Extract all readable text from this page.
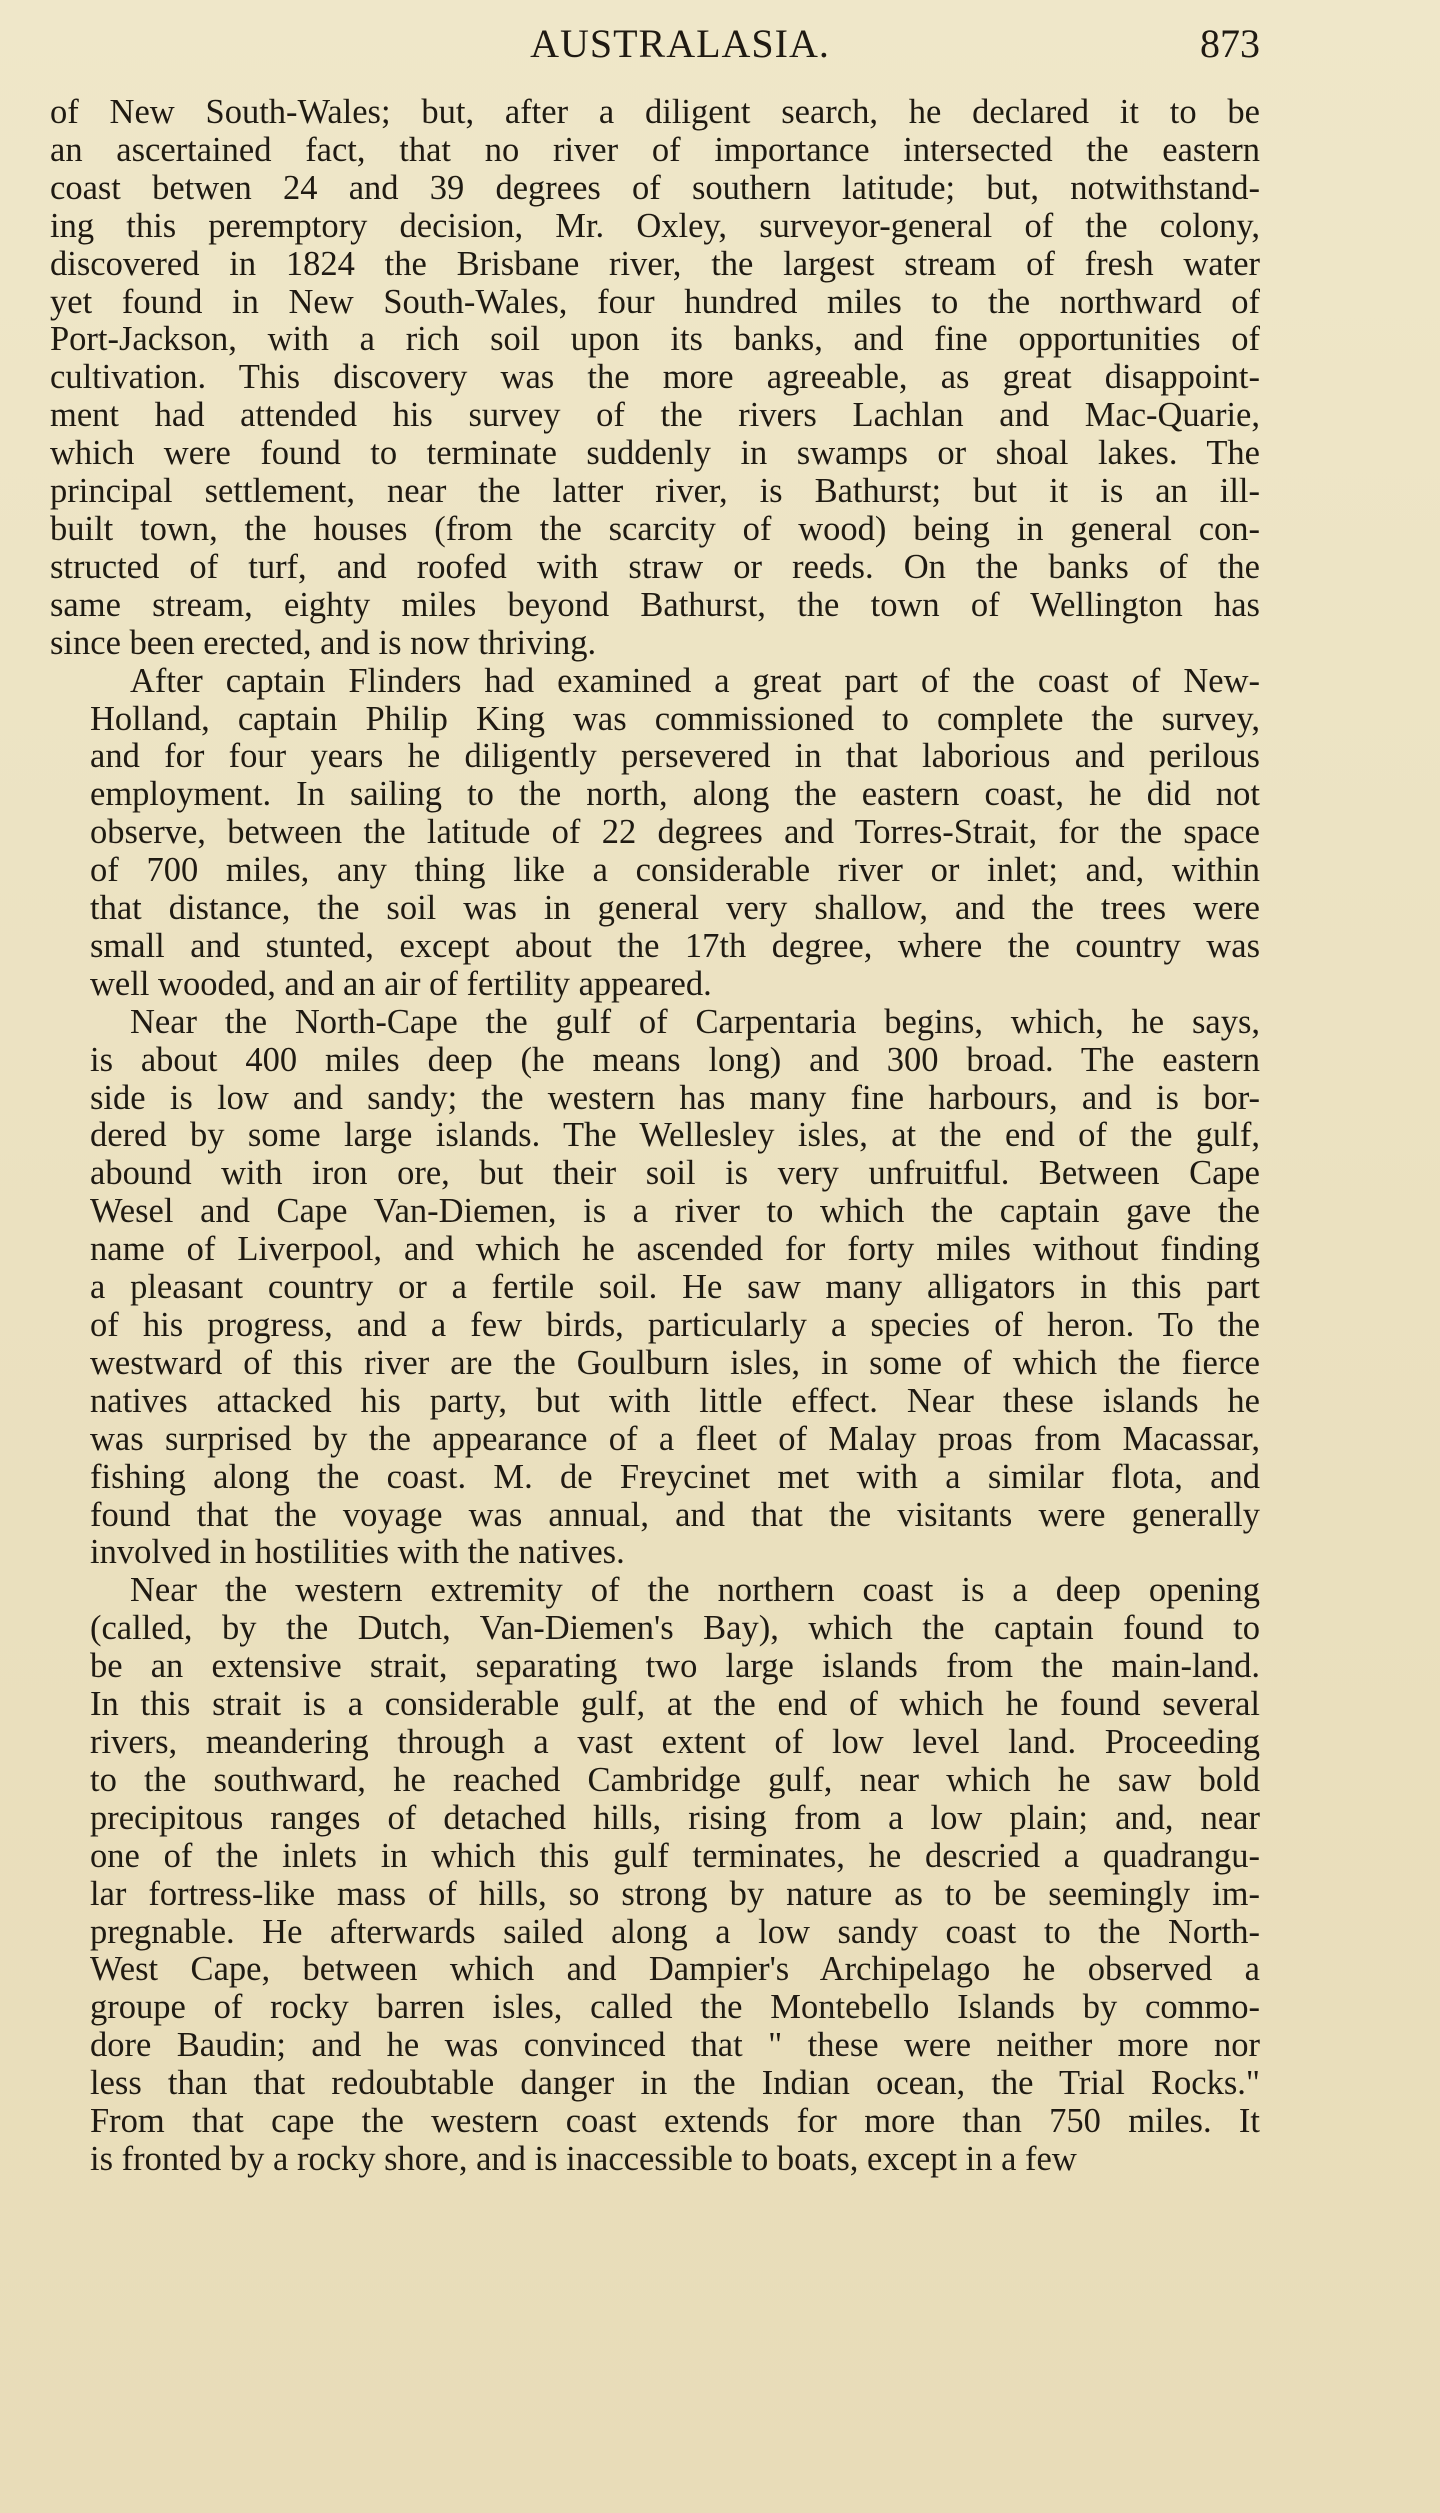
AUSTRALASIA.	873
of New South-Wales; but, after a diligent search, he declared it to be
an ascertained fact, that no river of importance intersected the eastern
coast betwen 24 and 39 degrees of southern latitude; but, notwithstand-
ing this peremptory decision, Mr. Oxley, surveyor-general of the colony,
discovered in 1824 the Brisbane river, the largest stream of fresh water
yet found in New South-Wales, four hundred miles to the northward of
Port-Jackson, with a rich soil upon its banks, and fine opportunities of
cultivation. This discovery was the more agreeable, as great disappoint-
ment had attended his survey of the rivers Lachlan and Mac-Quarie,
which were found to terminate suddenly in swamps or shoal lakes. The
principal settlement, near the latter river, is Bathurst; but it is an ill-
built town, the houses (from the scarcity of wood) being in general con-
structed of turf, and roofed with straw or reeds. On the banks of the
same stream, eighty miles beyond Bathurst, the town of Wellington has
since been erected, and is now thriving.
After captain Flinders had examined a great part of the coast of New-
Holland, captain Philip King was commissioned to complete the survey,
and for four years he diligently persevered in that laborious and perilous
employment. In sailing to the north, along the eastern coast, he did not
observe, between the latitude of 22 degrees and Torres-Strait, for the space
of 700 miles, any thing like a considerable river or inlet; and, within
that distance, the soil was in general very shallow, and the trees were
small and stunted, except about the 17th degree, where the country was
well wooded, and an air of fertility appeared.
Near the North-Cape the gulf of Carpentaria begins, which, he says,
is about 400 miles deep (he means long) and 300 broad. The eastern
side is low and sandy; the western has many fine harbours, and is bor-
dered by some large islands. The Wellesley isles, at the end of the gulf,
abound with iron ore, but their soil is very unfruitful. Between Cape
Wesel and Cape Van-Diemen, is a river to which the captain gave the
name of Liverpool, and which he ascended for forty miles without finding
a pleasant country or a fertile soil. He saw many alligators in this part
of his progress, and a few birds, particularly a species of heron. To the
westward of this river are the Goulburn isles, in some of which the fierce
natives attacked his party, but with little effect. Near these islands he
was surprised by the appearance of a fleet of Malay proas from Macassar,
fishing along the coast. M. de Freycinet met with a similar flota, and
found that the voyage was annual, and that the visitants were generally
involved in hostilities with the natives.
Near the western extremity of the northern coast is a deep opening
(called, by the Dutch, Van-Diemen's Bay), which the captain found to
be an extensive strait, separating two large islands from the main-land.
In this strait is a considerable gulf, at the end of which he found several
rivers, meandering through a vast extent of low level land. Proceeding
to the southward, he reached Cambridge gulf, near which he saw bold
precipitous ranges of detached hills, rising from a low plain; and, near
one of the inlets in which this gulf terminates, he descried a quadrangu-
lar fortress-like mass of hills, so strong by nature as to be seemingly im-
pregnable. He afterwards sailed along a low sandy coast to the North-
West Cape, between which and Dampier's Archipelago he observed a
groupe of rocky barren isles, called the Montebello Islands by commo-
dore Baudin; and he was convinced that " these were neither more nor
less than that redoubtable danger in the Indian ocean, the Trial Rocks."
From that cape the western coast extends for more than 750 miles. It
is fronted by a rocky shore, and is inaccessible to boats, except in a few
